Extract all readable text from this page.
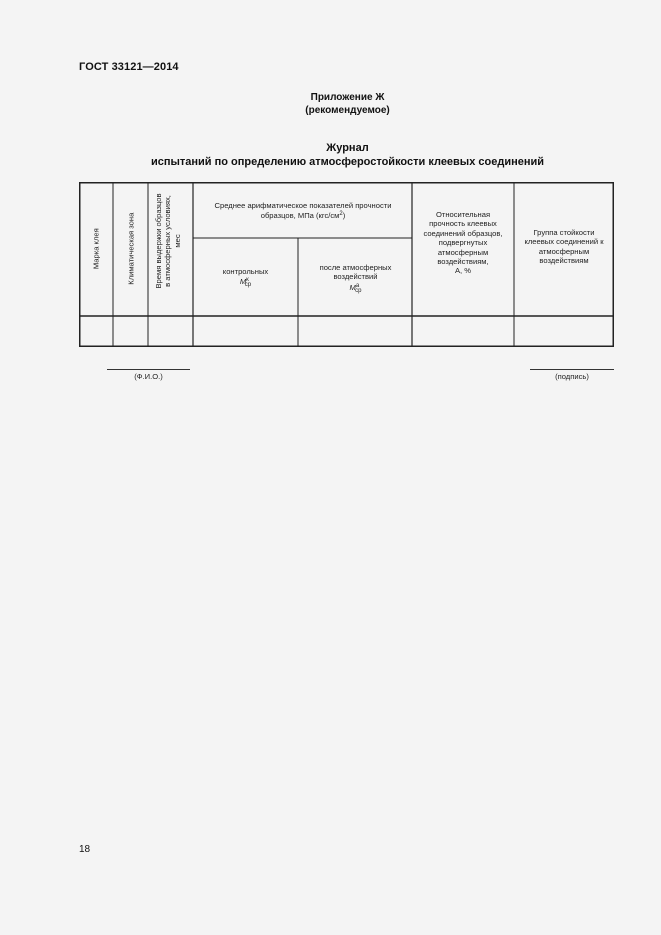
ГОСТ 33121—2014
Приложение Ж
(рекомендуемое)
Журнал
испытаний по определению атмосферостойкости клеевых соединений
Марка клея	Климатическая зона Время выдержки образцов в атмосферных условиях, мес
Среднее арифматическое показателей прочности образцов, МПа $(кгс/см^2)$
контрольных
$M^к_{ср}$
после атмосферных воздействий
$M^а_{ср}$
Относительная прочность клеевых соединений образцов, подвергнутых атмосферным воздействиям,
A, %
Группа стойкости клеевых соединений к атмосферным воздействиям
(Ф.И.О.)	(подпись)
18
